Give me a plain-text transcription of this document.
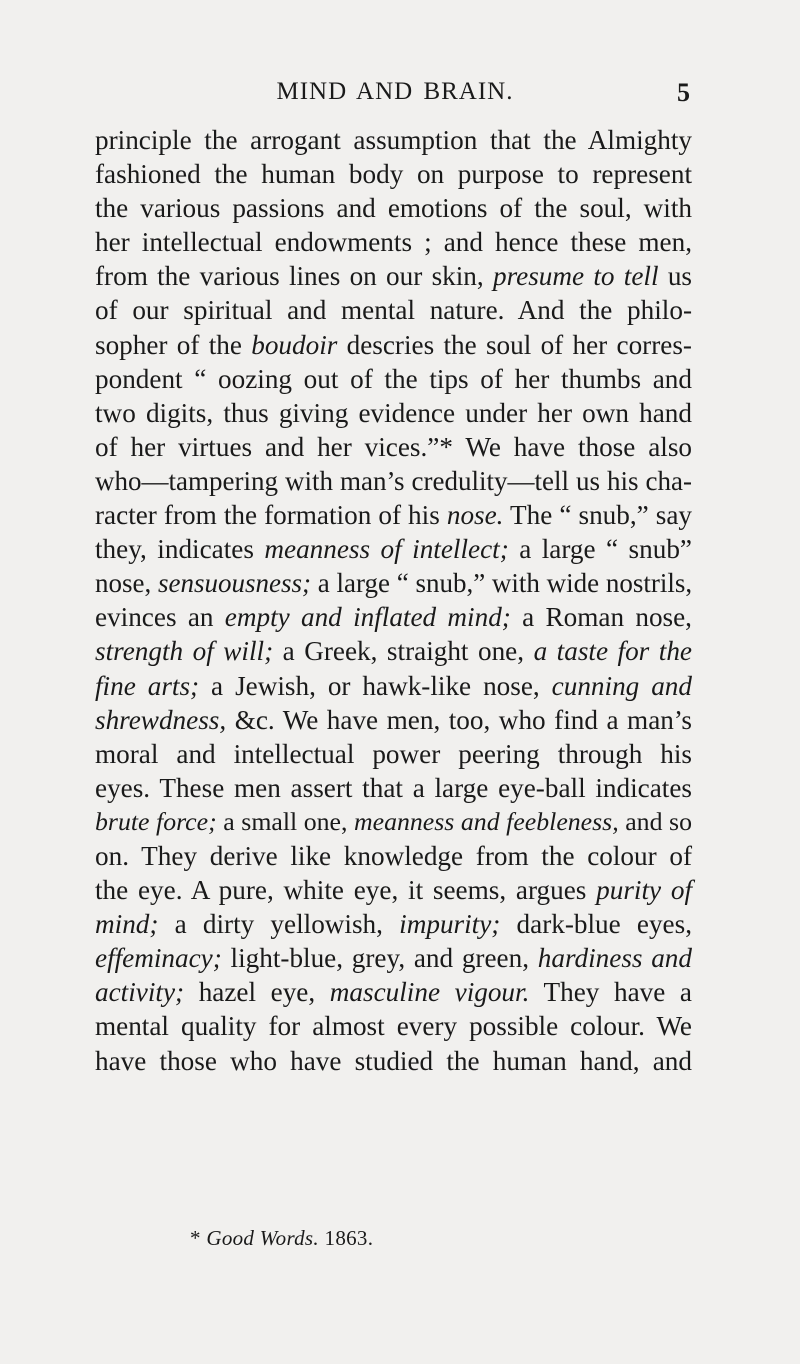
MIND AND BRAIN.	5
principle the arrogant assumption that the Almighty
fashioned the human body on purpose to represent
the various passions and emotions of the soul, with
her intellectual endowments ; and hence these men,
from the various lines on our skin, presume to tell us
of our spiritual and mental nature. And the philo-
sopher of the boudoir descries the soul of her corres-
pondent “ oozing out of the tips of her thumbs and
two digits, thus giving evidence under her own hand
of her virtues and her vices.”* We have those also
who—tampering with man’s credulity—tell us his cha-
racter from the formation of his nose. The “ snub,” say
they, indicates meanness of intellect; a large “ snub”
nose, sensuousness; a large “ snub,” with wide nostrils,
evinces an empty and inflated mind; a Roman nose,
strength of will; a Greek, straight one, a taste for the
fine arts; a Jewish, or hawk-like nose, cunning and
shrewdness, &c. We have men, too, who find a man’s
moral and intellectual power peering through his
eyes. These men assert that a large eye-ball indicates
brute force; a small one, meanness and feebleness, and so
on. They derive like knowledge from the colour of
the eye. A pure, white eye, it seems, argues purity of
mind; a dirty yellowish, impurity; dark-blue eyes,
effeminacy; light-blue, grey, and green, hardiness and
activity; hazel eye, masculine vigour. They have a
mental quality for almost every possible colour. We
have those who have studied the human hand, and
* Good Words. 1863.
